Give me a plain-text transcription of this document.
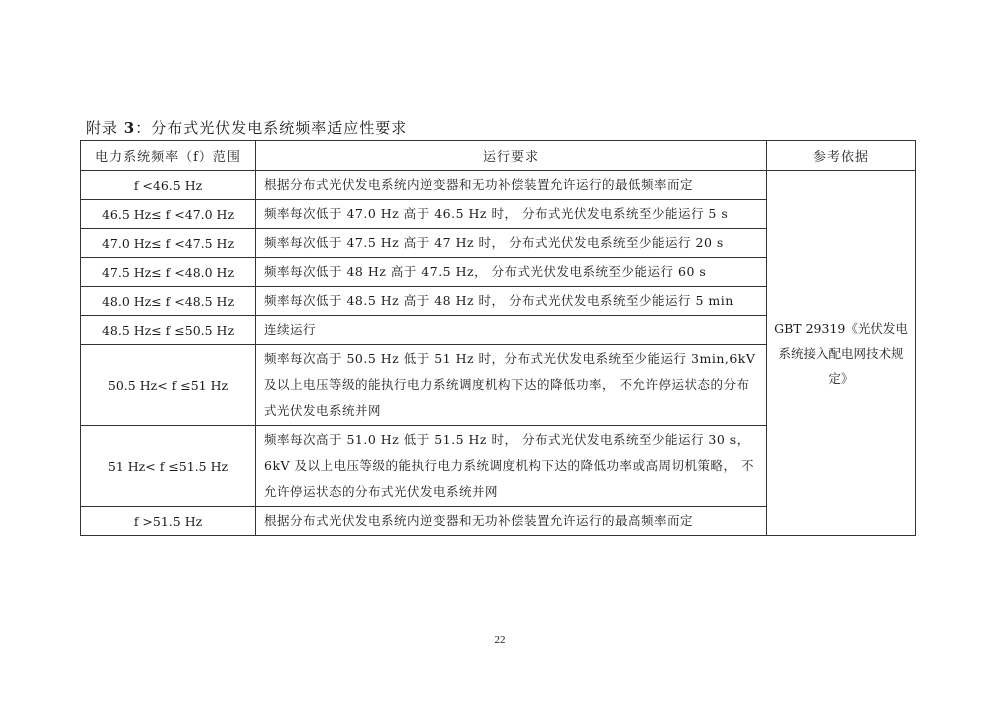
附录 3：分布式光伏发电系统频率适应性要求
电力系统频率（f）范围	运行要求	参考依据
f <46.5 Hz	根据分布式光伏发电系统内逆变器和无功补偿装置允许运行的最低频率而定	GBT 29319《光伏发电系统接入配电网技术规定》
46.5 Hz≤ f <47.0 Hz	频率每次低于 47.0 Hz 高于 46.5 Hz 时， 分布式光伏发电系统至少能运行 5 s	
47.0 Hz≤ f <47.5 Hz	频率每次低于 47.5 Hz 高于 47 Hz 时， 分布式光伏发电系统至少能运行 20 s	
47.5 Hz≤ f <48.0 Hz	频率每次低于 48 Hz 高于 47.5 Hz， 分布式光伏发电系统至少能运行 60 s	
48.0 Hz≤ f <48.5 Hz	频率每次低于 48.5 Hz 高于 48 Hz 时， 分布式光伏发电系统至少能运行 5 min	
48.5 Hz≤ f ≤50.5 Hz	连续运行	
50.5 Hz< f ≤51 Hz	频率每次高于 50.5 Hz 低于 51 Hz 时，分布式光伏发电系统至少能运行 3min,6kV 及以上电压等级的能执行电力系统调度机构下达的降低功率， 不允许停运状态的分布式光伏发电系统并网	
51 Hz< f ≤51.5 Hz	频率每次高于 51.0 Hz 低于 51.5 Hz 时， 分布式光伏发电系统至少能运行 30 s，6kV 及以上电压等级的能执行电力系统调度机构下达的降低功率或高周切机策略， 不允许停运状态的分布式光伏发电系统并网	
f >51.5 Hz	根据分布式光伏发电系统内逆变器和无功补偿装置允许运行的最高频率而定	
22
